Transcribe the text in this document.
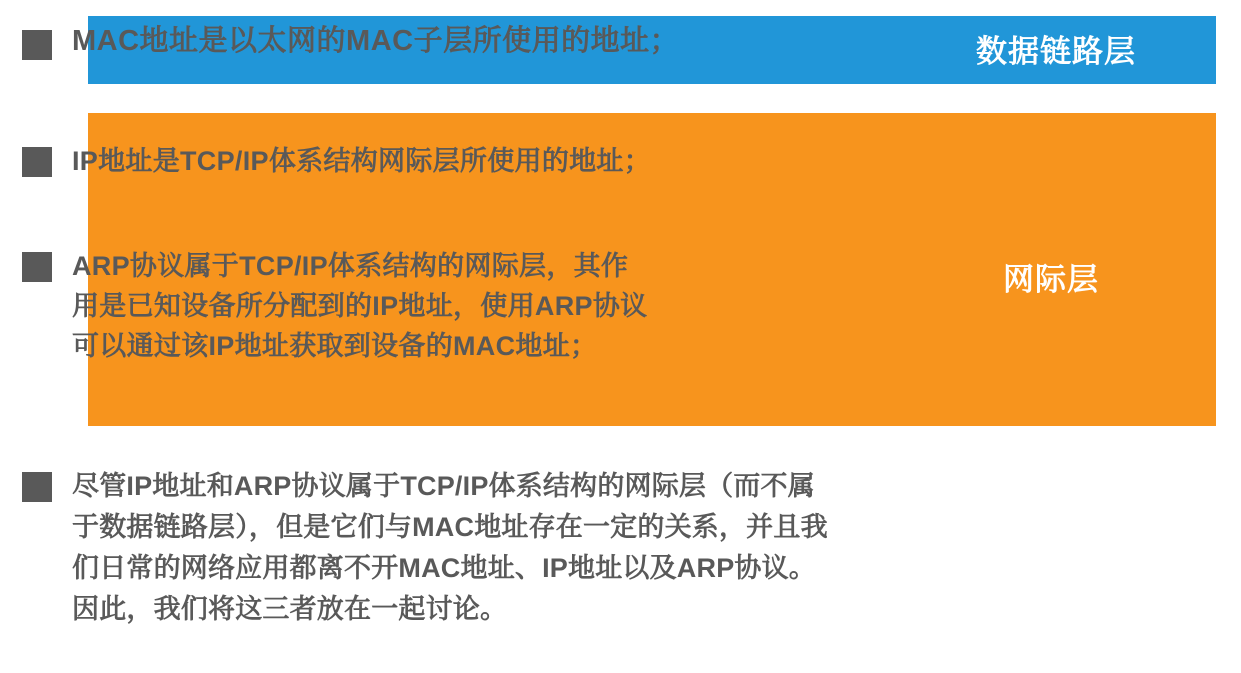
MAC地址是以太网的MAC子层所使用的地址；	数据链路层
IP地址是TCP/IP体系结构网际层所使用的地址；
ARP协议属于TCP/IP体系结构的网际层，其作
用是已知设备所分配到的IP地址，使用ARP协议
可以通过该IP地址获取到设备的MAC地址；
网际层
尽管IP地址和ARP协议属于TCP/IP体系结构的网际层（而不属
于数据链路层），但是它们与MAC地址存在一定的关系，并且我
们日常的网络应用都离不开MAC地址、IP地址以及ARP协议。
因此，我们将这三者放在一起讨论。
